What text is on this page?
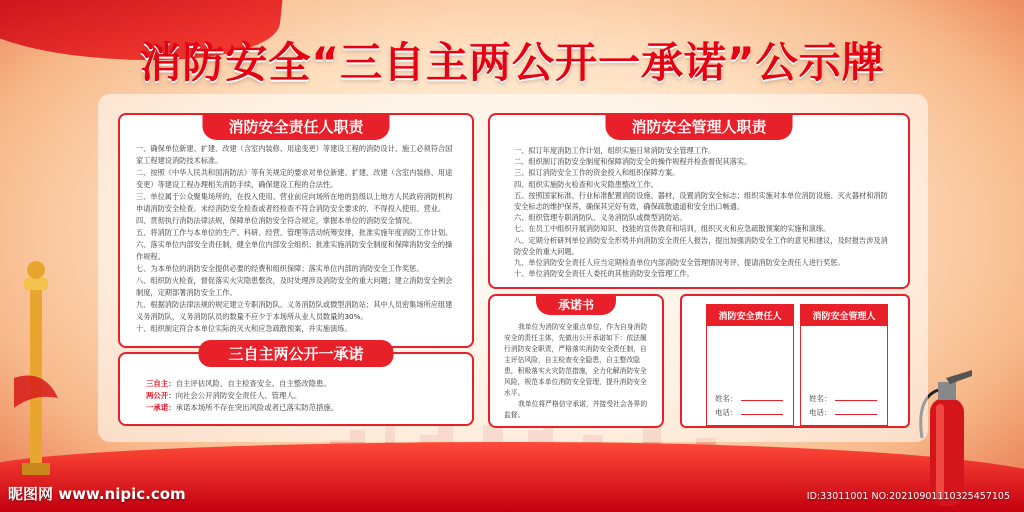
消防安全“三自主两公开一承诺”公示牌
消防安全责任人职责
一、确保单位新建、扩建、改建（含室内装修、用途变更）等建设工程的消防设计、施工必须符合国家工程建设消防技术标准。
二、按照《中华人民共和国消防法》等有关规定的要求对单位新建、扩建、改建（含室内装修、用途变更）等建设工程办理相关消防手续，确保建设工程的合法性。
三、单位属于公众聚集场所的，在投入使用、营业前应向场所在地的县级以上地方人民政府消防机构申请消防安全检查。未经消防安全检查或者经检查不符合消防安全要求的，不得投入使用、营业。
四、贯彻执行消防法律法规，保障单位消防安全符合规定，掌握本单位的消防安全情况。
五、将消防工作与本单位的生产、科研、经营、管理等活动统筹安排，批准实施年度消防工作计划。
六、落实单位内部安全责任制，健全单位内部安全组织；批准实施消防安全制度和保障消防安全的操作规程。
七、为本单位的消防安全提供必要的经费和组织保障；落实单位内部的消防安全工作奖惩。
八、组织防火检查，督促落实火灾隐患整改，及时处理涉及消防安全的重大问题；建立消防安全例会制度，定期部署消防安全工作。
九、根据消防法律法规的规定建立专职消防队、义务消防队或微型消防站；其中人员密集场所应组建义务消防队，义务消防队员的数量不应少于本场所从业人员数量的30%。
十、组织制定符合本单位实际的灭火和应急疏散预案，并实施演练。
三自主两公开一承诺
三自主：自主评估风险、自主检查安全、自主整改隐患。
两公开：向社会公开消防安全责任人、管理人。
一承诺：承诺本场所不存在突出风险或者已落实防范措施。
消防安全管理人职责
一、拟订年度消防工作计划，组织实施日常消防安全管理工作。
二、组织制订消防安全制度和保障消防安全的操作规程并检查督促其落实。
三、拟订消防安全工作的资金投入和组织保障方案。
四、组织实施防火检查和火灾隐患整改工作。
五、按照国家标准、行业标准配置消防设施、器材，设置消防安全标志；组织实施对本单位消防设施、灭火器材和消防安全标志的维护保养，确保其完好有效，确保疏散通道和安全出口畅通。
六、组织管理专职消防队、义务消防队或微型消防站。
七、在员工中组织开展消防知识、技能的宣传教育和培训，组织灭火和应急疏散预案的实施和演练。
八、定期分析研判单位消防安全形势并向消防安全责任人报告，提出加强消防安全工作的意见和建议，及时报告涉及消防安全的重大问题。
九、单位消防安全责任人应当定期检查单位内部消防安全管理情况考评，提请消防安全责任人进行奖惩。
十、单位消防安全责任人委托的其他消防安全管理工作。
承诺书
我单位为消防安全重点单位，作为自身消防安全的责任主体，先做出公开承诺如下：依法履行消防安全职责，严格落实消防安全责任制，自主评估风险，自主检查安全隐患，自主整改隐患，积极落实火灾防范措施，全力化解消防安全风险，规范本单位消防安全管理，提升消防安全水平。
我单位将严格信守承诺，并接受社会各界的监督。
消防安全责任人
姓名：
电话：
消防安全管理人
姓名：
电话：
昵图网 www.nipic.com	ID:33011001 NO:20210901110325457105
